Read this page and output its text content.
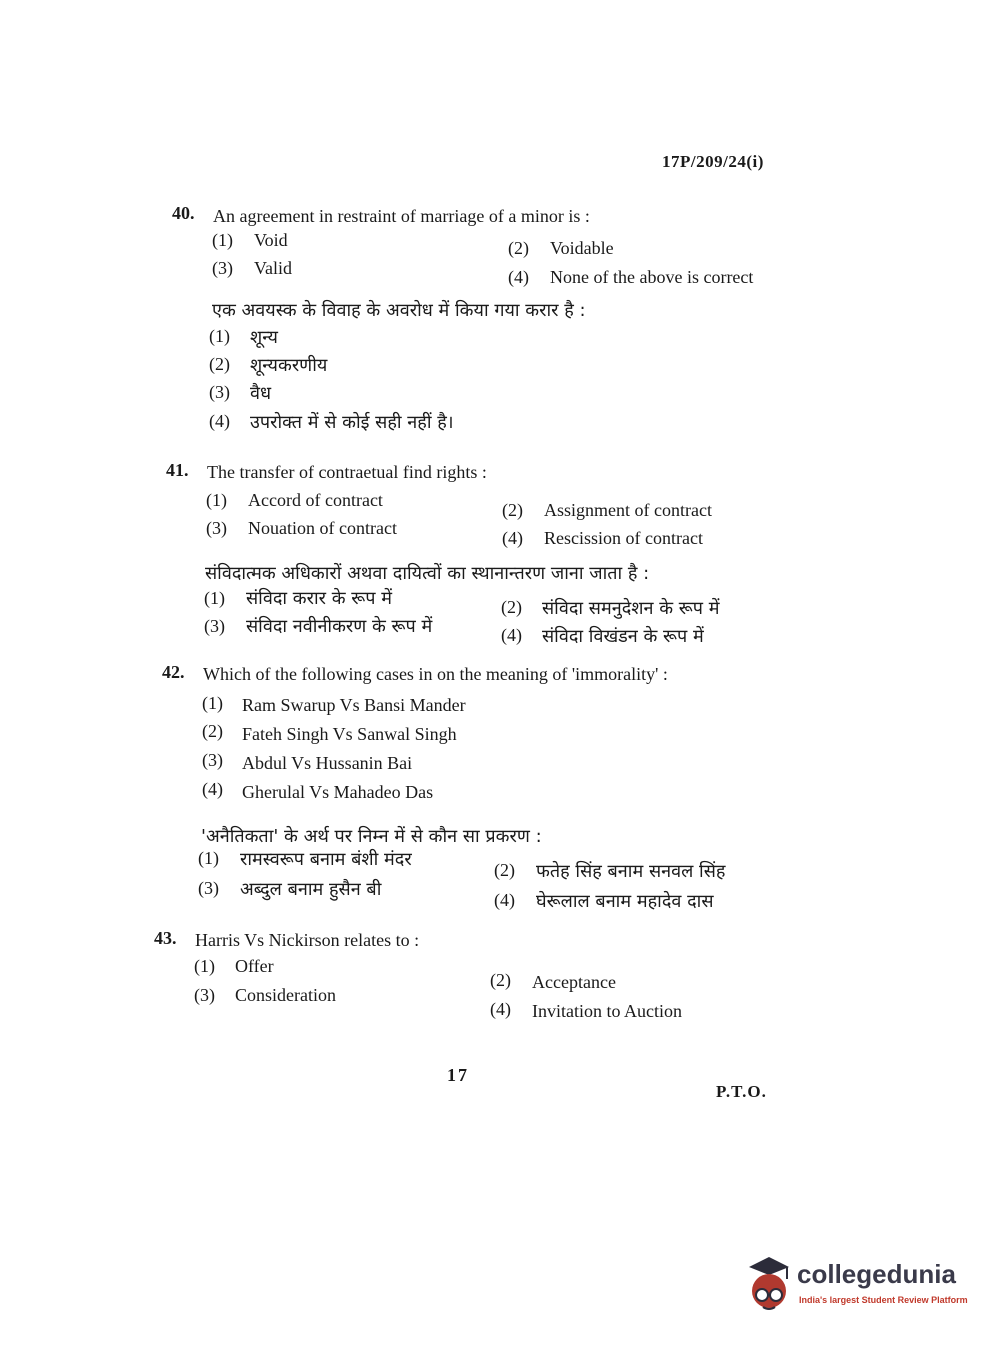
17P/209/24(i)
40. An agreement in restraint of marriage of a minor is :
(1) Void	(2) Voidable
(3) Valid	(4) None of the above is correct
एक अवयस्क के विवाह के अवरोध में किया गया करार है :
(1) शून्य
(2) शून्यकरणीय
(3) वैध
(4) उपरोक्त में से कोई सही नहीं है।
41. The transfer of contraetual find rights :
(1) Accord of contract	(2) Assignment of contract
(3) Nouation of contract	(4) Rescission of contract
संविदात्मक अधिकारों अथवा दायित्वों का स्थानान्तरण जाना जाता है :
(1) संविदा करार के रूप में	(2) संविदा समनुदेशन के रूप में
(3) संविदा नवीनीकरण के रूप में	(4) संविदा विखंडन के रूप में
42. Which of the following cases in on the meaning of 'immorality' :
(1) Ram Swarup Vs Bansi Mander
(2) Fateh Singh Vs Sanwal Singh
(3) Abdul Vs Hussanin Bai
(4) Gherulal Vs Mahadeo Das
'अनैतिकता' के अर्थ पर निम्न में से कौन सा प्रकरण :
(1) रामस्वरूप बनाम बंशी मंदर	(2) फतेह सिंह बनाम सनवल सिंह
(3) अब्दुल बनाम हुसैन बी	(4) घेरूलाल बनाम महादेव दास
43. Harris Vs Nickirson relates to :
(1) Offer
(2) Acceptance
(3) Consideration
(4) Invitation to Auction
17
P.T.O.
collegedunia
India's largest Student Review Platform
